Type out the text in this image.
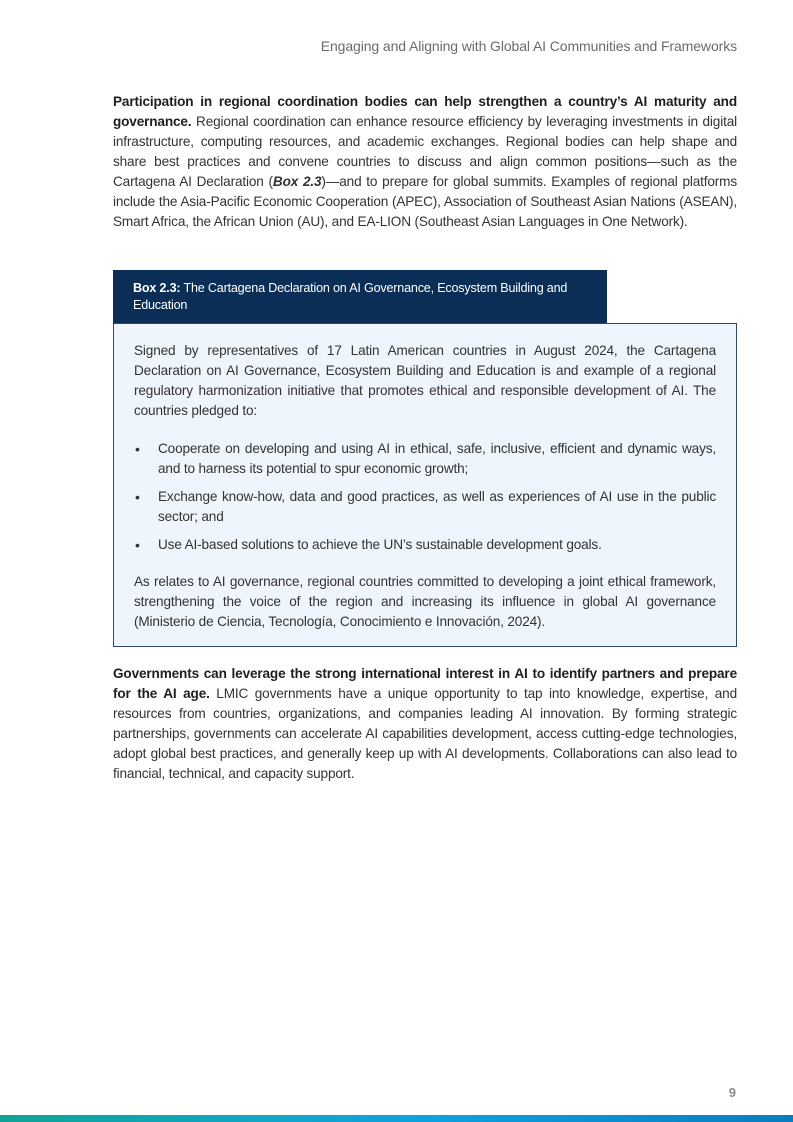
Engaging and Aligning with Global AI Communities and Frameworks
Participation in regional coordination bodies can help strengthen a country’s AI maturity and governance. Regional coordination can enhance resource efficiency by leveraging investments in digital infrastructure, computing resources, and academic exchanges. Regional bodies can help shape and share best practices and convene countries to discuss and align common positions—such as the Cartagena AI Declaration (Box 2.3)—and to prepare for global summits. Examples of regional platforms include the Asia-Pacific Economic Cooperation (APEC), Association of Southeast Asian Nations (ASEAN), Smart Africa, the African Union (AU), and EA-LION (Southeast Asian Languages in One Network).
Box 2.3: The Cartagena Declaration on AI Governance, Ecosystem Building and Education

Signed by representatives of 17 Latin American countries in August 2024, the Cartagena Declaration on AI Governance, Ecosystem Building and Education is and example of a regional regulatory harmonization initiative that promotes ethical and responsible development of AI. The countries pledged to:

• Cooperate on developing and using AI in ethical, safe, inclusive, efficient and dynamic ways, and to harness its potential to spur economic growth;
• Exchange know-how, data and good practices, as well as experiences of AI use in the public sector; and
• Use AI-based solutions to achieve the UN’s sustainable development goals.

As relates to AI governance, regional countries committed to developing a joint ethical framework, strengthening the voice of the region and increasing its influence in global AI governance (Ministerio de Ciencia, Tecnología, Conocimiento e Innovación, 2024).

Governments can leverage the strong international interest in AI to identify partners and prepare for the AI age. LMIC governments have a unique opportunity to tap into knowledge, expertise, and resources from countries, organizations, and companies leading AI innovation. By forming strategic partnerships, governments can accelerate AI capabilities development, access cutting-edge technologies, adopt global best practices, and generally keep up with AI developments. Collaborations can also lead to financial, technical, and capacity support.
9
